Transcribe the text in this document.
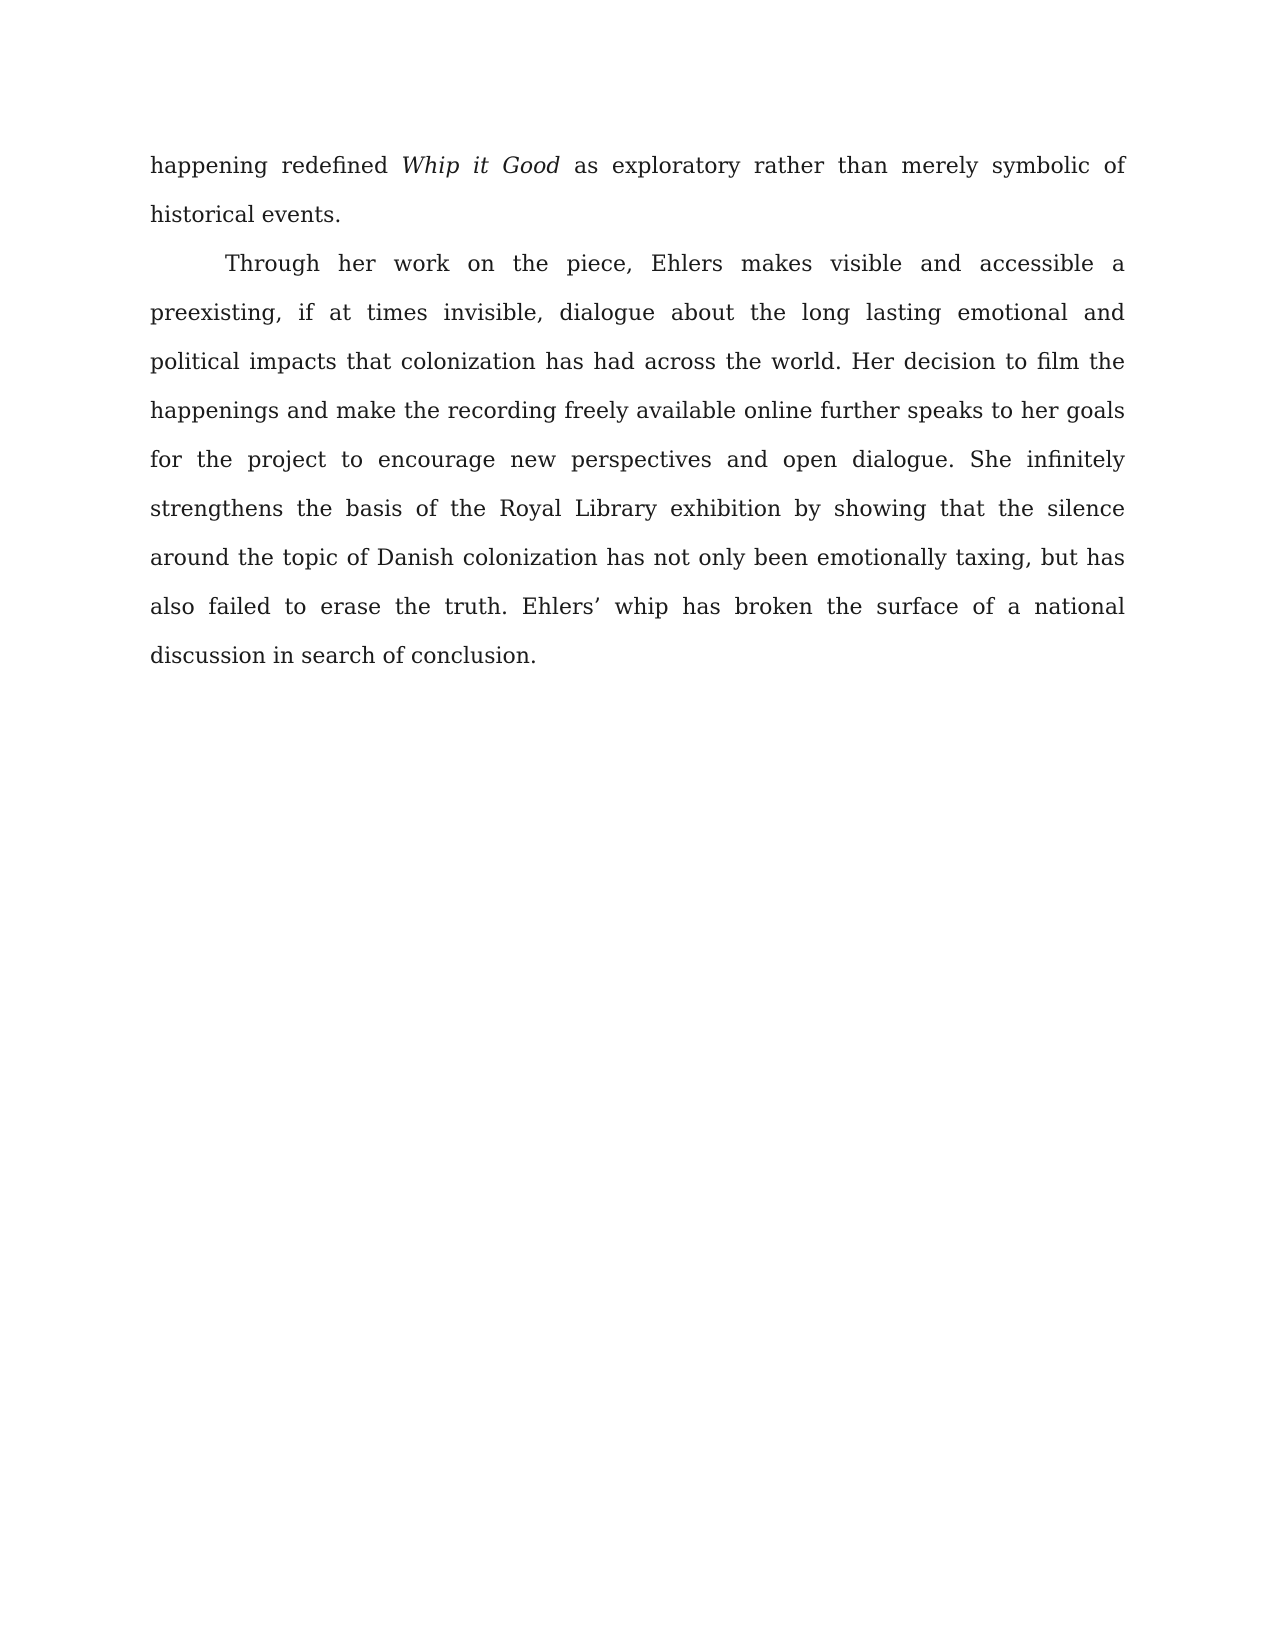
happening redefined Whip it Good as exploratory rather than merely symbolic of historical events.

Through her work on the piece, Ehlers makes visible and accessible a preexisting, if at times invisible, dialogue about the long lasting emotional and political impacts that colonization has had across the world. Her decision to film the happenings and make the recording freely available online further speaks to her goals for the project to encourage new perspectives and open dialogue. She infinitely strengthens the basis of the Royal Library exhibition by showing that the silence around the topic of Danish colonization has not only been emotionally taxing, but has also failed to erase the truth. Ehlers’ whip has broken the surface of a national discussion in search of conclusion.
